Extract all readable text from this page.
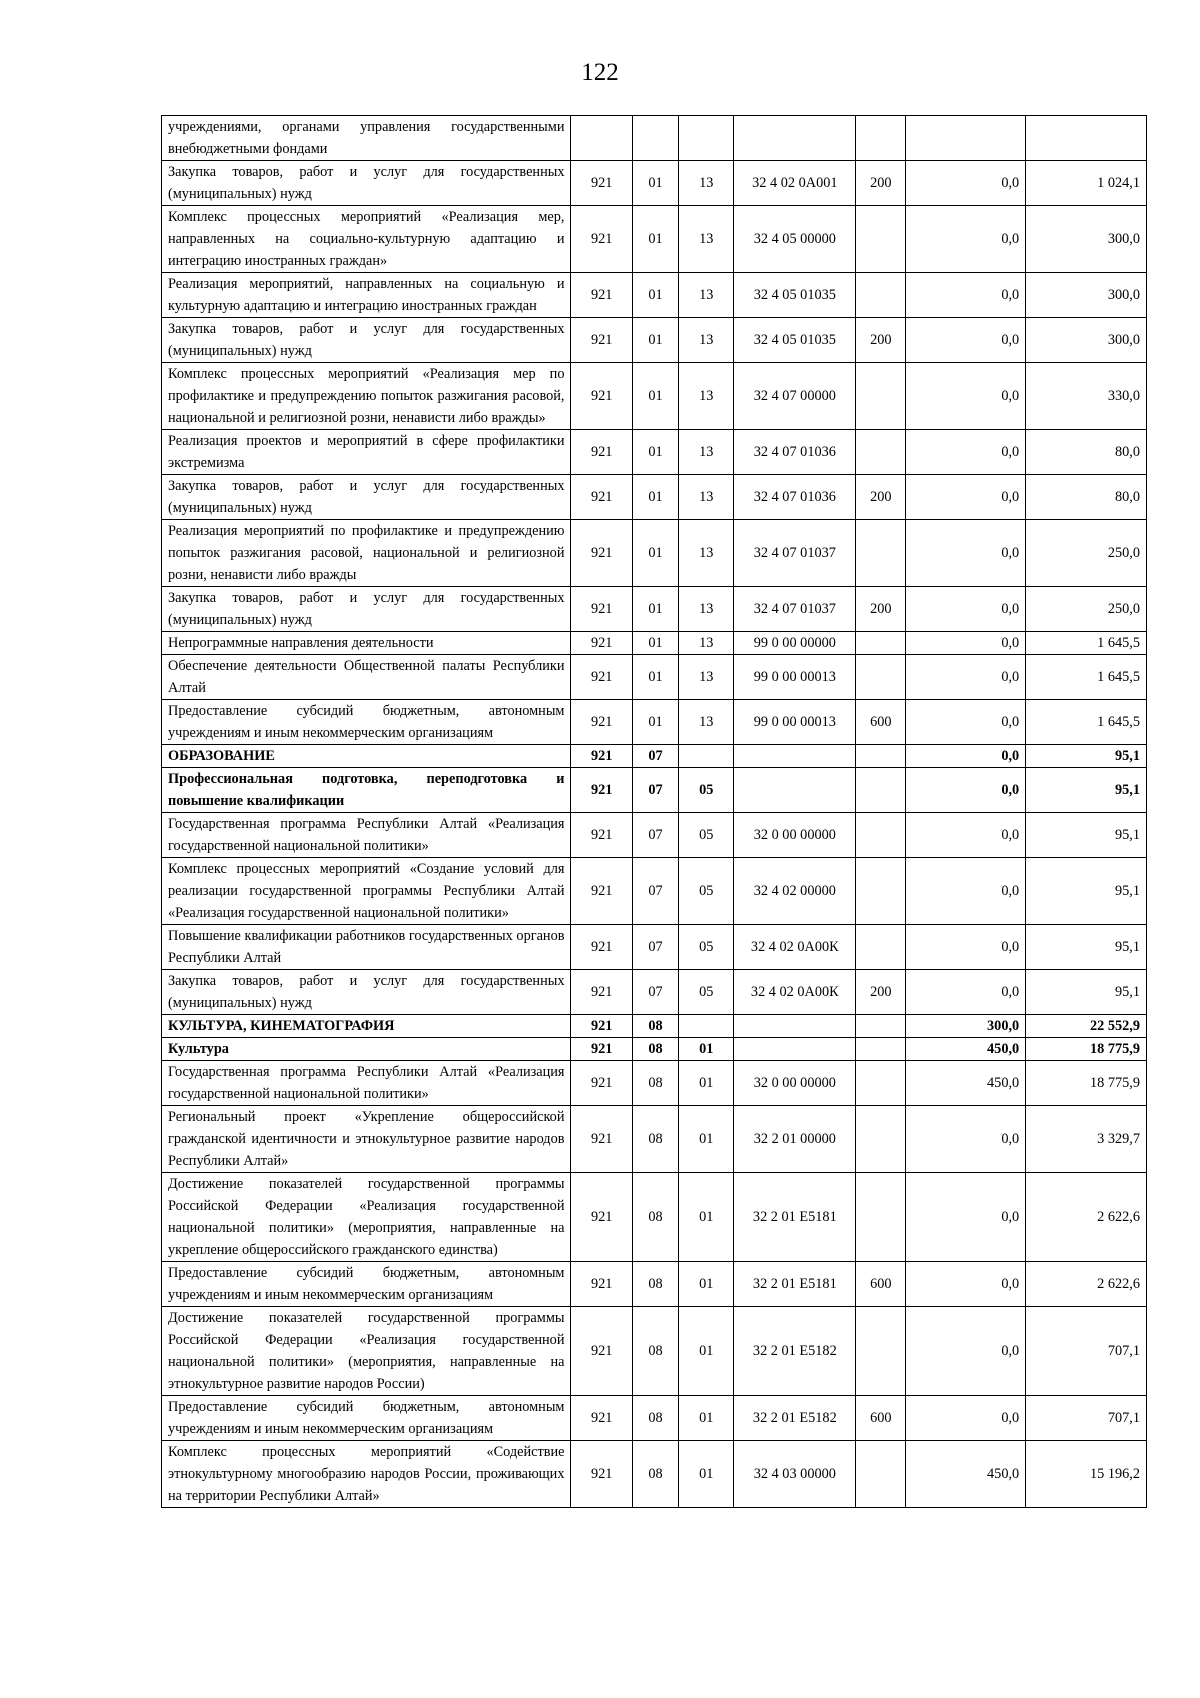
122
учреждениями, органами управления государственными внебюджетными фондами							
Закупка товаров, работ и услуг для государственных (муниципальных) нужд	921	01	13	32 4 02 0А001	200	0,0	1 024,1
Комплекс процессных мероприятий «Реализация мер, направленных на социально-культурную адаптацию и интеграцию иностранных граждан»	921	01	13	32 4 05 00000		0,0	300,0
Реализация мероприятий, направленных на социальную и культурную адаптацию и интеграцию иностранных граждан	921	01	13	32 4 05 01035		0,0	300,0
Закупка товаров, работ и услуг для государственных (муниципальных) нужд	921	01	13	32 4 05 01035	200	0,0	300,0
Комплекс процессных мероприятий «Реализация мер по профилактике и предупреждению попыток разжигания расовой, национальной и религиозной розни, ненависти либо вражды»	921	01	13	32 4 07 00000		0,0	330,0
Реализация проектов и мероприятий в сфере профилактики экстремизма	921	01	13	32 4 07 01036		0,0	80,0
Закупка товаров, работ и услуг для государственных (муниципальных) нужд	921	01	13	32 4 07 01036	200	0,0	80,0
Реализация мероприятий по профилактике и предупреждению попыток разжигания расовой, национальной и религиозной розни, ненависти либо вражды	921	01	13	32 4 07 01037		0,0	250,0
Закупка товаров, работ и услуг для государственных (муниципальных) нужд	921	01	13	32 4 07 01037	200	0,0	250,0
Непрограммные направления деятельности	921	01	13	99 0 00 00000		0,0	1 645,5
Обеспечение деятельности Общественной палаты Республики Алтай	921	01	13	99 0 00 00013		0,0	1 645,5
Предоставление субсидий бюджетным, автономным учреждениям и иным некоммерческим организациям	921	01	13	99 0 00 00013	600	0,0	1 645,5
ОБРАЗОВАНИЕ	921	07				0,0	95,1
Профессиональная подготовка, переподготовка и повышение квалификации	921	07	05			0,0	95,1
Государственная программа Республики Алтай «Реализация государственной национальной политики»	921	07	05	32 0 00 00000		0,0	95,1
Комплекс процессных мероприятий «Создание условий для реализации государственной программы Республики Алтай «Реализация государственной национальной политики»	921	07	05	32 4 02 00000		0,0	95,1
Повышение квалификации работников государственных органов Республики Алтай	921	07	05	32 4 02 0А00К		0,0	95,1
Закупка товаров, работ и услуг для государственных (муниципальных) нужд	921	07	05	32 4 02 0А00К	200	0,0	95,1
КУЛЬТУРА, КИНЕМАТОГРАФИЯ	921	08				300,0	22 552,9
Культура	921	08	01			450,0	18 775,9
Государственная программа Республики Алтай «Реализация государственной национальной политики»	921	08	01	32 0 00 00000		450,0	18 775,9
Региональный проект «Укрепление общероссийской гражданской идентичности и этнокультурное развитие народов Республики Алтай»	921	08	01	32 2 01 00000		0,0	3 329,7
Достижение показателей государственной программы Российской Федерации «Реализация государственной национальной политики» (мероприятия, направленные на укрепление общероссийского гражданского единства)	921	08	01	32 2 01 Е5181		0,0	2 622,6
Предоставление субсидий бюджетным, автономным учреждениям и иным некоммерческим организациям	921	08	01	32 2 01 Е5181	600	0,0	2 622,6
Достижение показателей государственной программы Российской Федерации «Реализация государственной национальной политики» (мероприятия, направленные на этнокультурное развитие народов России)	921	08	01	32 2 01 Е5182		0,0	707,1
Предоставление субсидий бюджетным, автономным учреждениям и иным некоммерческим организациям	921	08	01	32 2 01 Е5182	600	0,0	707,1
Комплекс процессных мероприятий «Содействие этнокультурному многообразию народов России, проживающих на территории Республики Алтай»	921	08	01	32 4 03 00000		450,0	15 196,2
